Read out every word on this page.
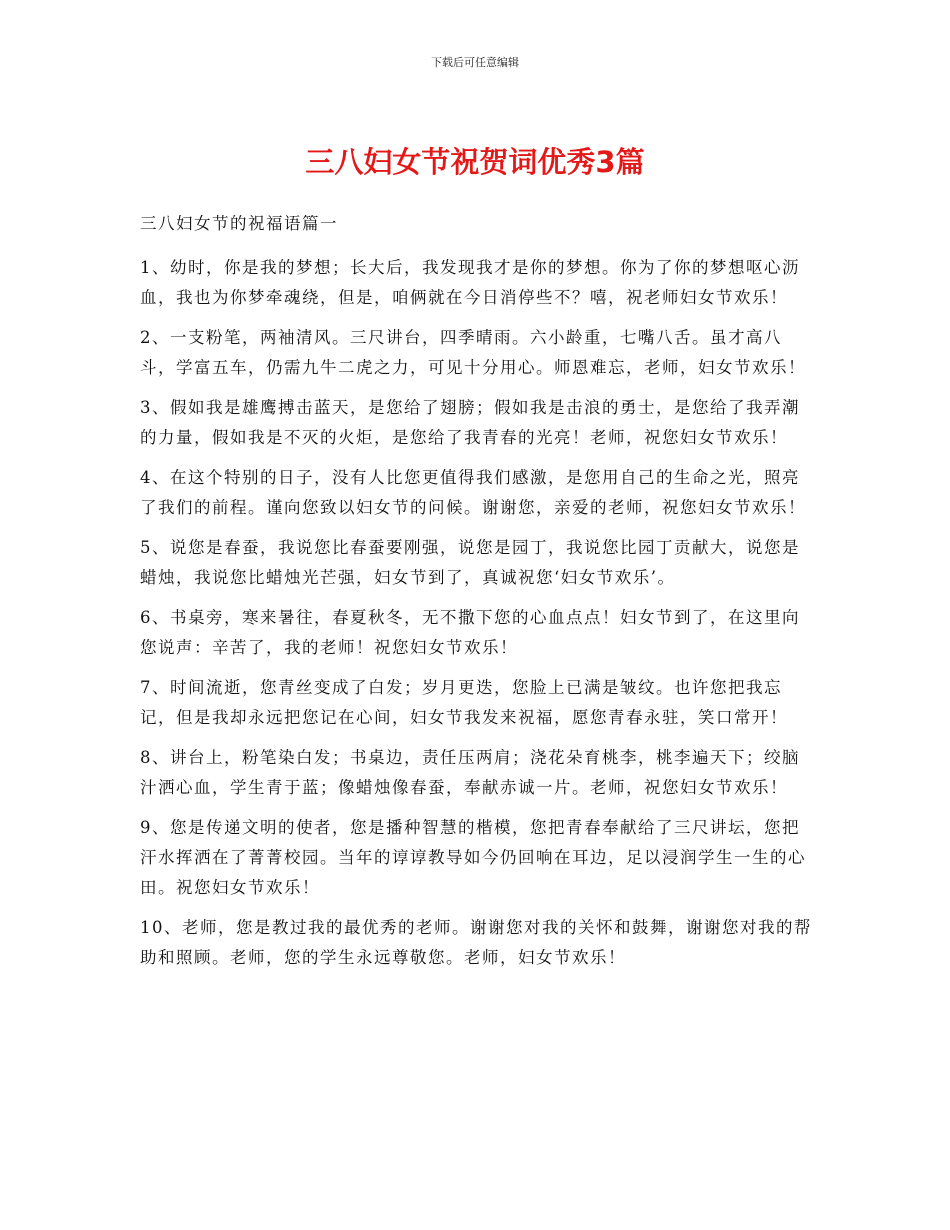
下载后可任意编辑
三八妇女节祝贺词优秀3篇

三八妇女节的祝福语篇一

1、幼时，你是我的梦想；长大后，我发现我才是你的梦想。你为了你的梦想呕心沥血，我也为你梦牵魂绕，但是，咱俩就在今日消停些不？嘻，祝老师妇女节欢乐！

2、一支粉笔，两袖清风。三尺讲台，四季晴雨。六小龄重，七嘴八舌。虽才高八斗，学富五车，仍需九牛二虎之力，可见十分用心。师恩难忘，老师，妇女节欢乐！

3、假如我是雄鹰搏击蓝天，是您给了翅膀；假如我是击浪的勇士，是您给了我弄潮的力量，假如我是不灭的火炬，是您给了我青春的光亮！老师，祝您妇女节欢乐！

4、在这个特别的日子，没有人比您更值得我们感激，是您用自己的生命之光，照亮了我们的前程。谨向您致以妇女节的问候。谢谢您，亲爱的老师，祝您妇女节欢乐！

5、说您是春蚕，我说您比春蚕要刚强，说您是园丁，我说您比园丁贡献大，说您是蜡烛，我说您比蜡烛光芒强，妇女节到了，真诚祝您‘妇女节欢乐’。

6、书桌旁，寒来暑往，春夏秋冬，无不撒下您的心血点点！妇女节到了，在这里向您说声：辛苦了，我的老师！祝您妇女节欢乐！

7、时间流逝，您青丝变成了白发；岁月更迭，您脸上已满是皱纹。也许您把我忘记，但是我却永远把您记在心间，妇女节我发来祝福，愿您青春永驻，笑口常开！

8、讲台上，粉笔染白发；书桌边，责任压两肩；浇花朵育桃李，桃李遍天下；绞脑汁洒心血，学生青于蓝；像蜡烛像春蚕，奉献赤诚一片。老师，祝您妇女节欢乐！

9、您是传递文明的使者，您是播种智慧的楷模，您把青春奉献给了三尺讲坛，您把汗水挥洒在了菁菁校园。当年的谆谆教导如今仍回响在耳边，足以浸润学生一生的心田。祝您妇女节欢乐！

10、老师，您是教过我的最优秀的老师。谢谢您对我的关怀和鼓舞，谢谢您对我的帮助和照顾。老师，您的学生永远尊敬您。老师，妇女节欢乐！
